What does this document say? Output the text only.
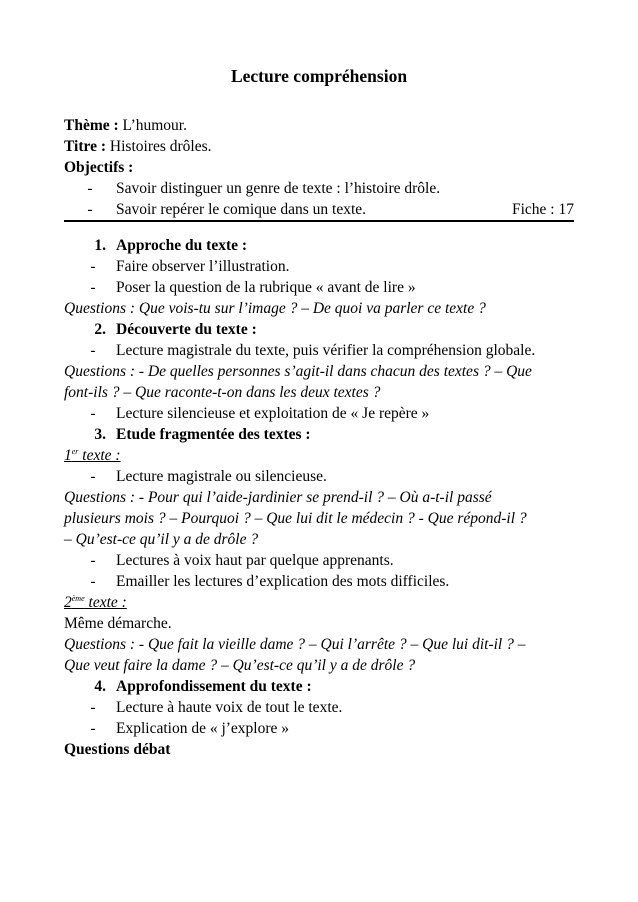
Lecture compréhension
Thème : L’humour.
Titre : Histoires drôles.
Objectifs :
-	Savoir distinguer un genre de texte : l’histoire drôle.
-	Savoir repérer le comique dans un texte.	Fiche : 17
1. Approche du texte :
-	Faire observer l’illustration.
-	Poser la question de la rubrique « avant de lire »
Questions : Que vois-tu sur l’image ? – De quoi va parler ce texte ?
2. Découverte du texte :
-	Lecture magistrale du texte, puis vérifier la compréhension globale.
Questions : - De quelles personnes s’agit-il dans chacun des textes ? – Que
font-ils ? – Que raconte-t-on dans les deux textes ?
-	Lecture silencieuse et exploitation de « Je repère »
3. Etude fragmentée des textes :
1er texte :
-	Lecture magistrale ou silencieuse.
Questions : - Pour qui l’aide-jardinier se prend-il ? – Où a-t-il passé
plusieurs mois ? – Pourquoi ? – Que lui dit le médecin ? - Que répond-il ?
– Qu’est-ce qu’il y a de drôle ?
-	Lectures à voix haut par quelque apprenants.
-	Emailler les lectures d’explication des mots difficiles.
2ème texte :
Même démarche.
Questions : - Que fait la vieille dame ? – Qui l’arrête ? – Que lui dit-il ? –
Que veut faire la dame ? – Qu’est-ce qu’il y a de drôle ?
4. Approfondissement du texte :
-	Lecture à haute voix de tout le texte.
-	Explication de « j’explore »
Questions débat
